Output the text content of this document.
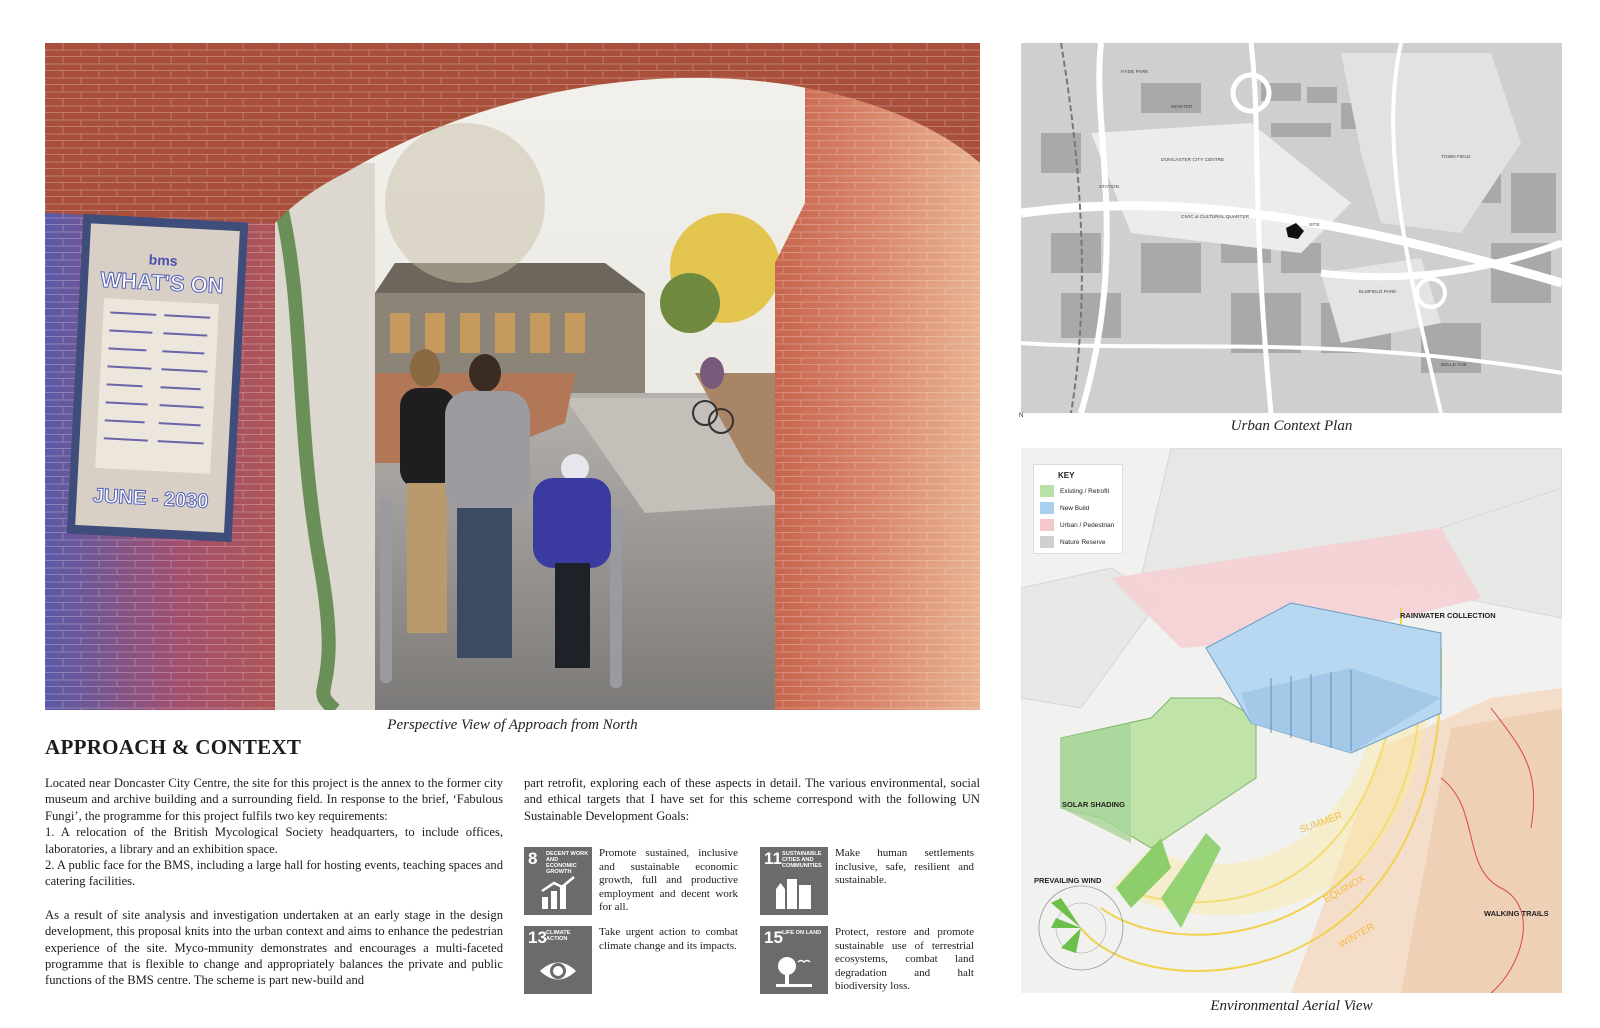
bms
WHAT'S ON
JUNE - 2030
Perspective View of Approach from North
APPROACH & CONTEXT

Located near Doncaster City Centre, the site for this project is the annex to the former city museum and archive building and a surrounding field. In response to the brief, ‘Fabulous Fungi’, the programme for this project fulfils two key requirements:
1. A relocation of the British Mycological Society headquarters, to include offices, laboratories, a library and an exhibition space.
2. A public face for the BMS, including a large hall for hosting events, teaching spaces and catering facilities.

As a result of site analysis and investigation undertaken at an early stage in the design development, this proposal knits into the urban context and aims to enhance the pedestrian experience of the site. Myco-mmunity demonstrates and encourages a multi-faceted programme that is flexible to change and appropriately balances the private and public functions of the BMS centre. The scheme is part new-build and

part retrofit, exploring each of these aspects in detail. The various environmental, social and ethical targets that I have set for this scheme correspond with the following UN Sustainable Development Goals:

8 DECENT WORK AND ECONOMIC GROWTH
Promote sustained, inclusive and sustainable economic growth, full and productive employment and decent work for all.
11 SUSTAINABLE CITIES AND COMMUNITIES
Make human settlements inclusive, safe, resilient and sustainable.
13 CLIMATE ACTION
Take urgent action to combat climate change and its impacts. 15 LIFE ON LAND	Protect, restore and promote sustainable use of terrestrial ecosystems, combat land degradation and halt biodiversity loss.
DONCASTER CITY CENTRE
CIVIC & CULTURAL QUARTER
SITE
TOWN FIELD
BELLE VUE
ELMFIELD PARK
STATION
MINSTER
HYDE PARK
N
Urban Context Plan
SUMMER
EQUINOX
WINTER
KEY
Existing / Retrofit
New Build
Urban / Pedestrian
Nature Reserve
RAINWATER COLLECTION
SOLAR SHADING
PREVAILING WIND
WALKING TRAILS
Environmental Aerial View
